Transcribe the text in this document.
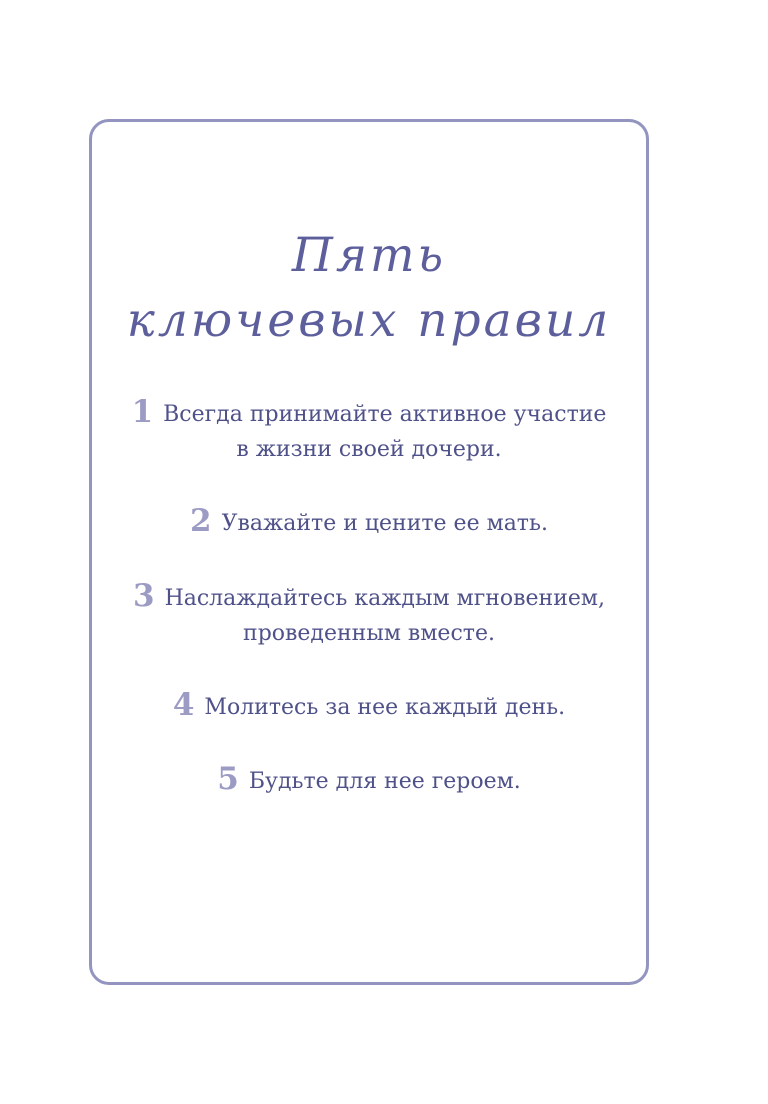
Пять
ключевых правил
1 Всегда принимайте активное участие
в жизни своей дочери.
2 Уважайте и цените ее мать.
3 Наслаждайтесь каждым мгновением,
проведенным вместе.
4 Молитесь за нее каждый день.
5 Будьте для нее героем.
